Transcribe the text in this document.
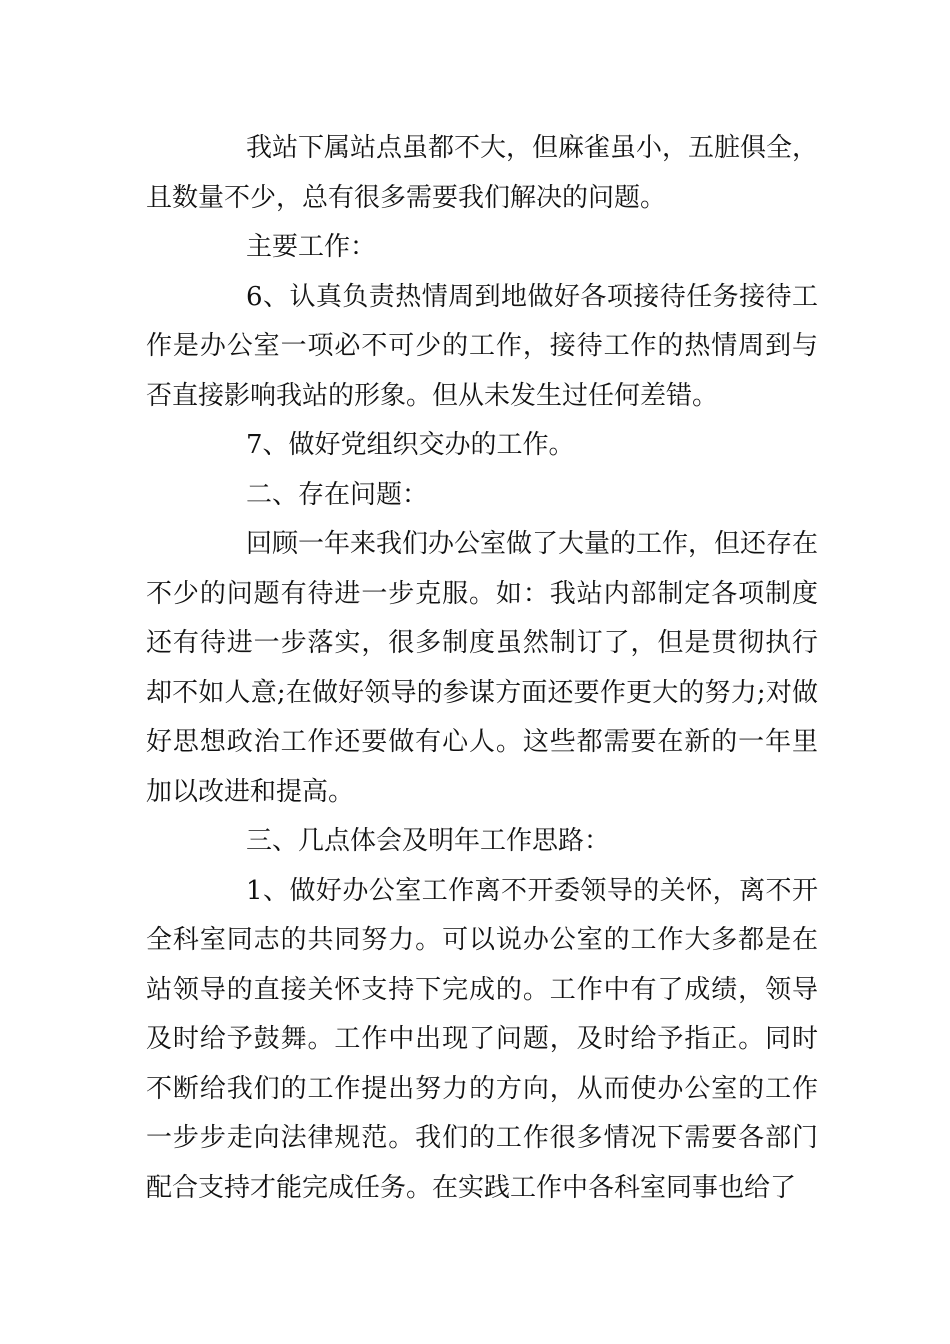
我站下属站点虽都不大，但麻雀虽小，五脏俱全，且数量不少，总有很多需要我们解决的问题。

主要工作：

6、认真负责热情周到地做好各项接待任务接待工作是办公室一项必不可少的工作，接待工作的热情周到与否直接影响我站的形象。但从未发生过任何差错。

7、做好党组织交办的工作。

二、存在问题：

回顾一年来我们办公室做了大量的工作，但还存在不少的问题有待进一步克服。如：我站内部制定各项制度还有待进一步落实，很多制度虽然制订了，但是贯彻执行却不如人意;在做好领导的参谋方面还要作更大的努力;对做好思想政治工作还要做有心人。这些都需要在新的一年里加以改进和提高。

三、几点体会及明年工作思路：

1、做好办公室工作离不开委领导的关怀，离不开全科室同志的共同努力。可以说办公室的工作大多都是在站领导的直接关怀支持下完成的。工作中有了成绩，领导及时给予鼓舞。工作中出现了问题，及时给予指正。同时不断给我们的工作提出努力的方向，从而使办公室的工作一步步走向法律规范。我们的工作很多情况下需要各部门配合支持才能完成任务。在实践工作中各科室同事也给了
